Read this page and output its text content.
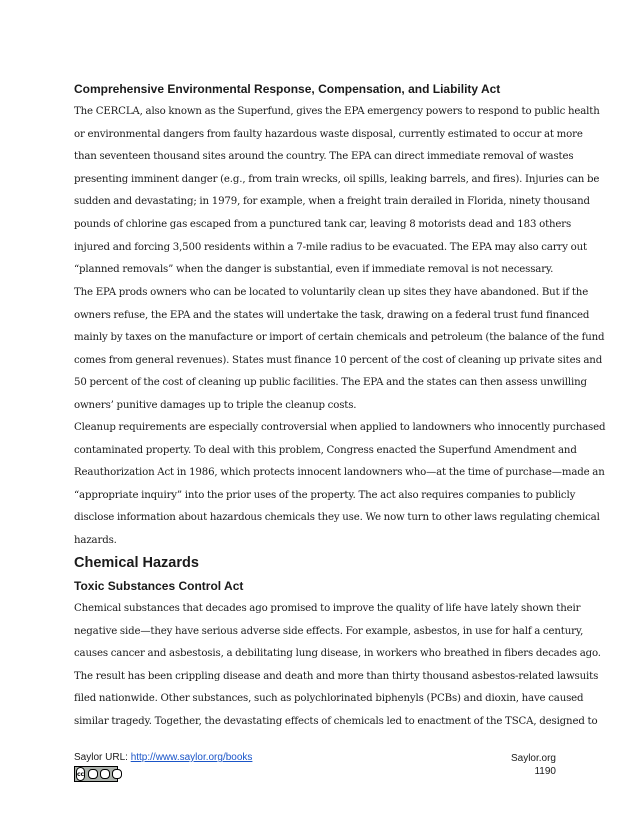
Comprehensive Environmental Response, Compensation, and Liability Act
The CERCLA, also known as the Superfund, gives the EPA emergency powers to respond to public health
or environmental dangers from faulty hazardous waste disposal, currently estimated to occur at more
than seventeen thousand sites around the country. The EPA can direct immediate removal of wastes
presenting imminent danger (e.g., from train wrecks, oil spills, leaking barrels, and fires). Injuries can be
sudden and devastating; in 1979, for example, when a freight train derailed in Florida, ninety thousand
pounds of chlorine gas escaped from a punctured tank car, leaving 8 motorists dead and 183 others
injured and forcing 3,500 residents within a 7-mile radius to be evacuated. The EPA may also carry out
“planned removals” when the danger is substantial, even if immediate removal is not necessary.
The EPA prods owners who can be located to voluntarily clean up sites they have abandoned. But if the
owners refuse, the EPA and the states will undertake the task, drawing on a federal trust fund financed
mainly by taxes on the manufacture or import of certain chemicals and petroleum (the balance of the fund
comes from general revenues). States must finance 10 percent of the cost of cleaning up private sites and
50 percent of the cost of cleaning up public facilities. The EPA and the states can then assess unwilling
owners’ punitive damages up to triple the cleanup costs.
Cleanup requirements are especially controversial when applied to landowners who innocently purchased
contaminated property. To deal with this problem, Congress enacted the Superfund Amendment and
Reauthorization Act in 1986, which protects innocent landowners who—at the time of purchase—made an
“appropriate inquiry” into the prior uses of the property. The act also requires companies to publicly
disclose information about hazardous chemicals they use. We now turn to other laws regulating chemical
hazards.
Chemical Hazards
Toxic Substances Control Act
Chemical substances that decades ago promised to improve the quality of life have lately shown their
negative side—they have serious adverse side effects. For example, asbestos, in use for half a century,
causes cancer and asbestosis, a debilitating lung disease, in workers who breathed in fibers decades ago.
The result has been crippling disease and death and more than thirty thousand asbestos-related lawsuits
filed nationwide. Other substances, such as polychlorinated biphenyls (PCBs) and dioxin, have caused
similar tragedy. Together, the devastating effects of chemicals led to enactment of the TSCA, designed to
Saylor URL: http://www.saylor.org/books
cc
Saylor.org
1190
